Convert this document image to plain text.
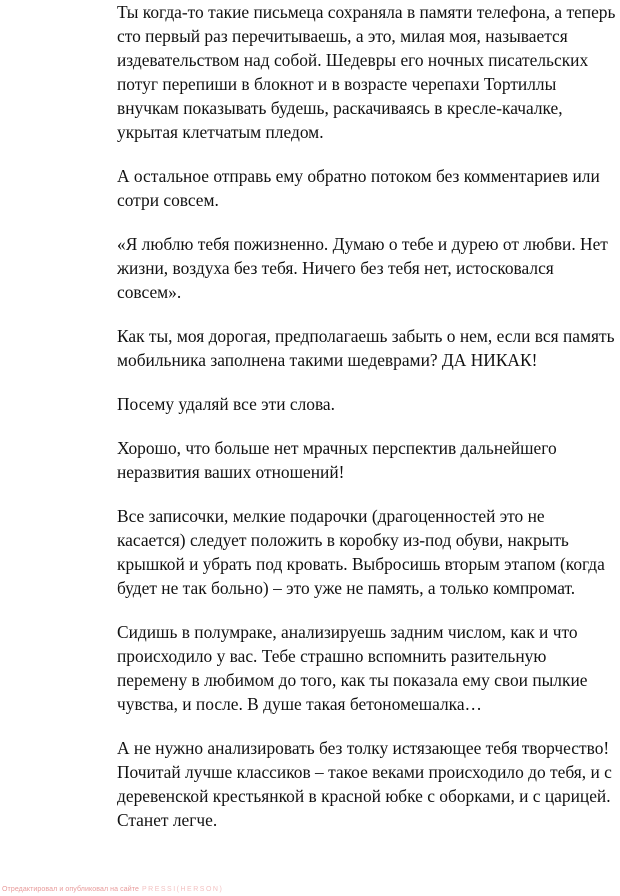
Ты когда-то такие письмеца сохраняла в памяти телефона, а теперь сто первый раз перечитываешь, а это, милая моя, называется издевательством над собой. Шедевры его ночных писательских потуг перепиши в блокнот и в возрасте черепахи Тортиллы внучкам показывать будешь, раскачиваясь в кресле-качалке, укрытая клетчатым пледом.

А остальное отправь ему обратно потоком без комментариев или сотри совсем.

«Я люблю тебя пожизненно. Думаю о тебе и дурею от любви. Нет жизни, воздуха без тебя. Ничего без тебя нет, истосковался совсем».

Как ты, моя дорогая, предполагаешь забыть о нем, если вся память мобильника заполнена такими шедеврами? ДА НИКАК!

Посему удаляй все эти слова.

Хорошо, что больше нет мрачных перспектив дальнейшего неразвития ваших отношений!

Все записочки, мелкие подарочки (драгоценностей это не касается) следует положить в коробку из-под обуви, накрыть крышкой и убрать под кровать. Выбросишь вторым этапом (когда будет не так больно) – это уже не память, а только компромат.

Сидишь в полумраке, анализируешь задним числом, как и что происходило у вас. Тебе страшно вспомнить разительную перемену в любимом до того, как ты показала ему свои пылкие чувства, и после. В душе такая бетономешалка…

А не нужно анализировать без толку истязающее тебя творчество! Почитай лучше классиков – такое веками происходило до тебя, и с деревенской крестьянкой в красной юбке с оборками, и с царицей. Станет легче.

Отредактировал и опубликовал на сайте PRESSI(HERSON)
